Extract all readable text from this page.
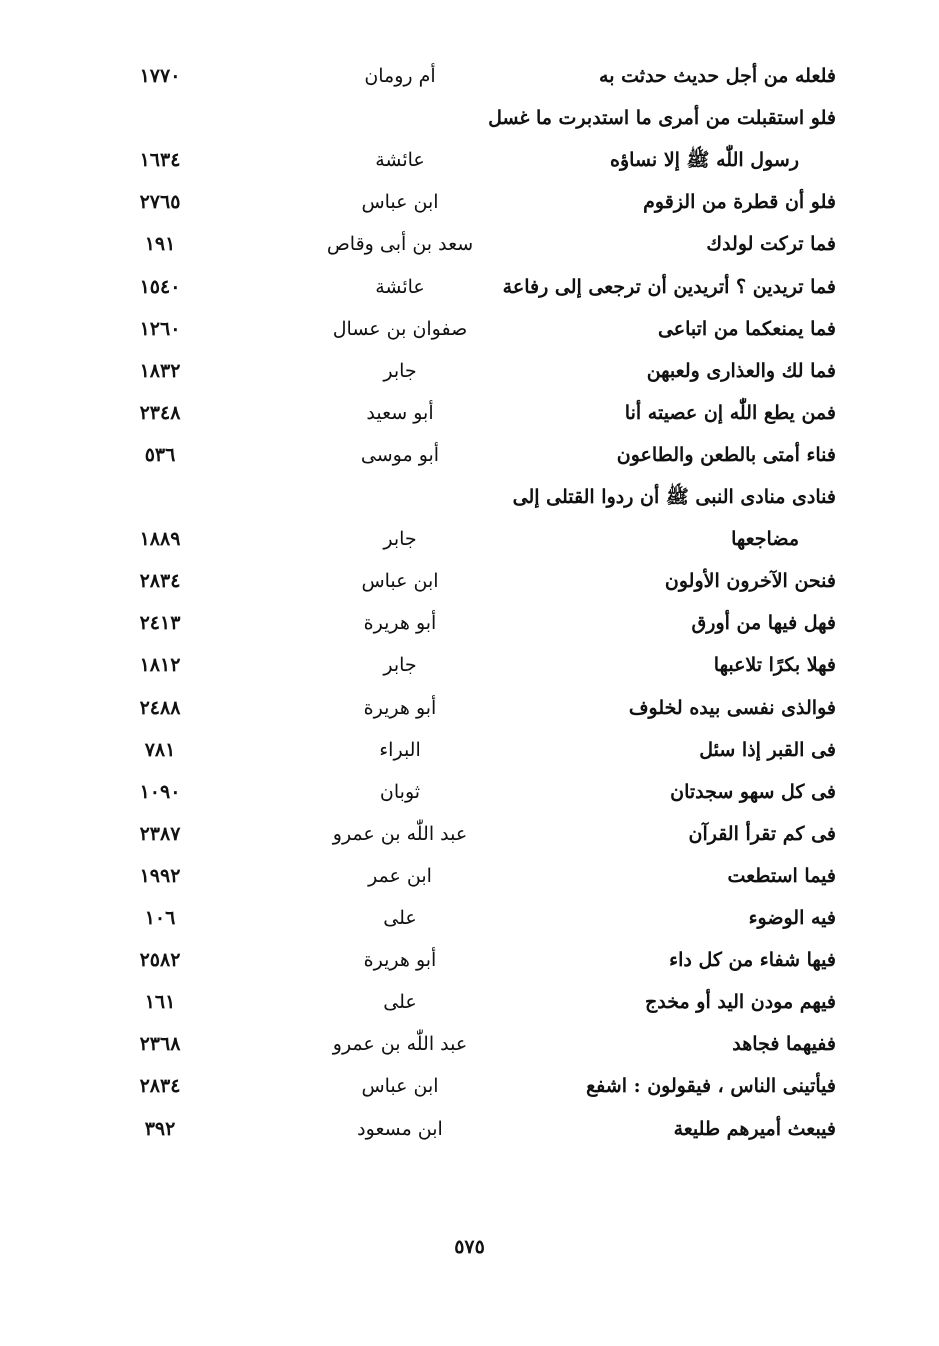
فلعله من أجل حديث حدثت به
أم رومان
١٧٧٠
فلو استقبلت من أمرى ما استدبرت ما غسل
رسول اللّٰه ﷺ إلا نساؤه
عائشة
١٦٣٤
فلو أن قطرة من الزقوم
ابن عباس
٢٧٦٥
فما تركت لولدك
سعد بن أبى وقاص
١٩١
فما تريدين ؟ أتريدين أن ترجعى إلى رفاعة
عائشة
١٥٤٠
فما يمنعكما من اتباعى
صفوان بن عسال
١٢٦٠
فما لك والعذارى ولعبهن
جابر
١٨٣٢
فمن يطع اللّٰه إن عصيته أنا
أبو سعيد
٢٣٤٨
فناء أمتى بالطعن والطاعون
أبو موسى
٥٣٦
فنادى منادى النبى ﷺ أن ردوا القتلى إلى
مضاجعها
جابر
١٨٨٩
فنحن الآخرون الأولون
ابن عباس
٢٨٣٤
فهل فيها من أورق
أبو هريرة
٢٤١٣
فهلا بكرًا تلاعبها
جابر
١٨١٢
فوالذى نفسى بيده لخلوف
أبو هريرة
٢٤٨٨
فى القبر إذا سئل
البراء
٧٨١
فى كل سهو سجدتان
ثوبان
١٠٩٠
فى كم تقرأ القرآن
عبد اللّٰه بن عمرو
٢٣٨٧
فيما استطعت
ابن عمر
١٩٩٢
فيه الوضوء
على
١٠٦
فيها شفاء من كل داء
أبو هريرة
٢٥٨٢
فيهم مودن اليد أو مخدج
على
١٦١
ففيهما فجاهد
عبد اللّٰه بن عمرو
٢٣٦٨
فيأتينى الناس ، فيقولون : اشفع
ابن عباس
٢٨٣٤
فيبعث أميرهم طليعة
ابن مسعود
٣٩٢
٥٧٥
